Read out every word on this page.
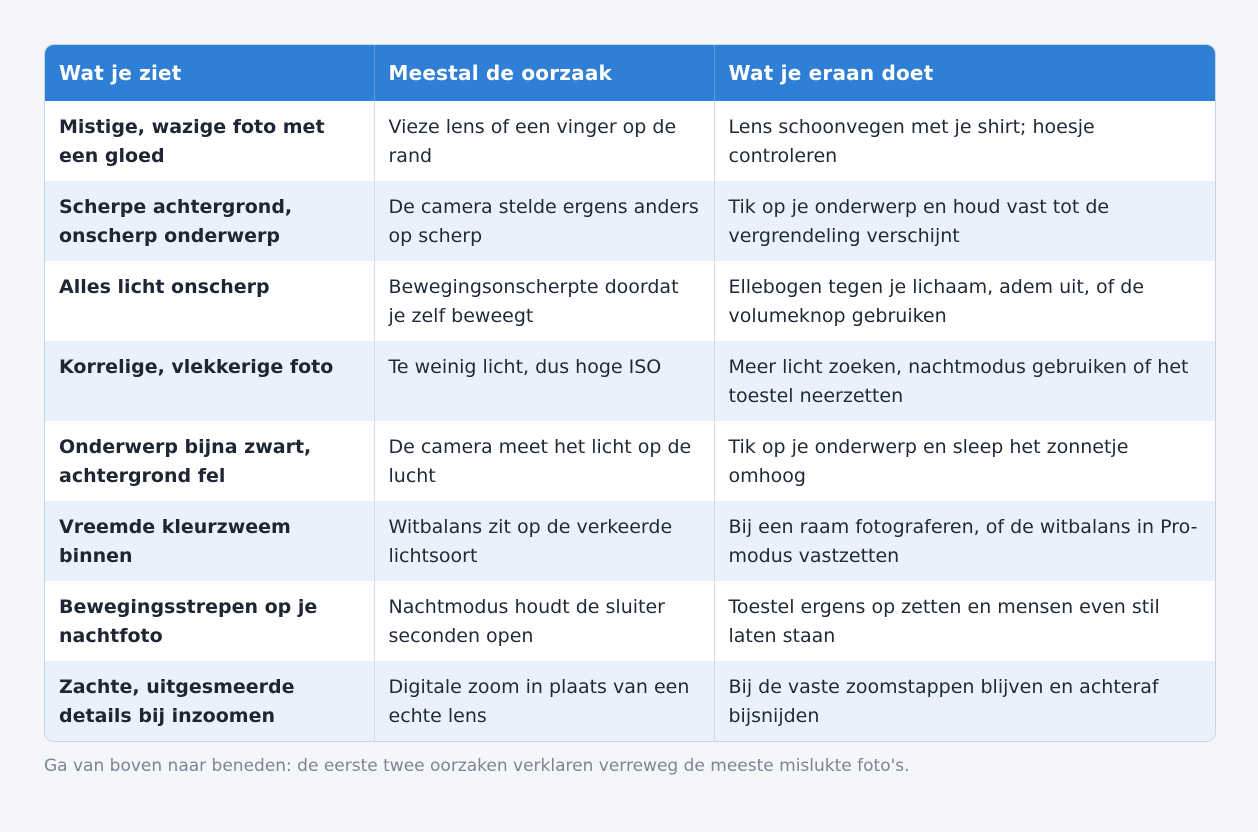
Wat je ziet	Meestal de oorzaak	Wat je eraan doet
Mistige, wazige foto met een gloed	Vieze lens of een vinger op de rand	Lens schoonvegen met je shirt; hoesje controleren
Scherpe achtergrond, onscherp onderwerp	De camera stelde ergens anders op scherp	Tik op je onderwerp en houd vast tot de vergrendeling verschijnt
Alles licht onscherp	Bewegingsonscherpte doordat je zelf beweegt	Ellebogen tegen je lichaam, adem uit, of de volumeknop gebruiken
Korrelige, vlekkerige foto	Te weinig licht, dus hoge ISO	Meer licht zoeken, nachtmodus gebruiken of het toestel neerzetten
Onderwerp bijna zwart, achtergrond fel	De camera meet het licht op de lucht	Tik op je onderwerp en sleep het zonnetje omhoog
Vreemde kleurzweem binnen	Witbalans zit op de verkeerde lichtsoort	Bij een raam fotograferen, of de witbalans in Pro-modus vastzetten
Bewegingsstrepen op je nachtfoto	Nachtmodus houdt de sluiter seconden open	Toestel ergens op zetten en mensen even stil laten staan
Zachte, uitgesmeerde details bij inzoomen	Digitale zoom in plaats van een echte lens	Bij de vaste zoomstappen blijven en achteraf bijsnijden
Ga van boven naar beneden: de eerste twee oorzaken verklaren verreweg de meeste mislukte foto's.
